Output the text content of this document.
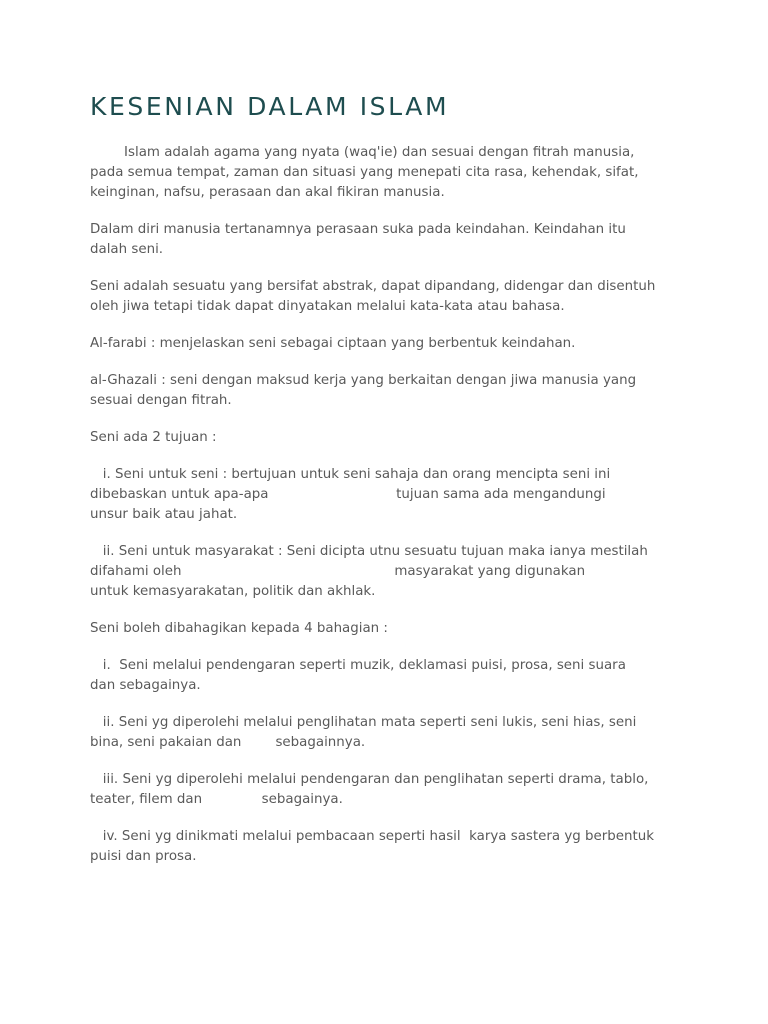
KESENIAN DALAM ISLAM

Islam adalah agama yang nyata (waq'ie) dan sesuai dengan fitrah manusia,
pada semua tempat, zaman dan situasi yang menepati cita rasa, kehendak, sifat,
keinginan, nafsu, perasaan dan akal fikiran manusia.

Dalam diri manusia tertanamnya perasaan suka pada keindahan. Keindahan itu
dalah seni.

Seni adalah sesuatu yang bersifat abstrak, dapat dipandang, didengar dan disentuh
oleh jiwa tetapi tidak dapat dinyatakan melalui kata-kata atau bahasa.

Al-farabi : menjelaskan seni sebagai ciptaan yang berbentuk keindahan.

al-Ghazali : seni dengan maksud kerja yang berkaitan dengan jiwa manusia yang
sesuai dengan fitrah.

Seni ada 2 tujuan :

i. Seni untuk seni : bertujuan untuk seni sahaja dan orang mencipta seni ini
dibebaskan untuk apa-apa                              tujuan sama ada mengandungi
unsur baik atau jahat.

ii. Seni untuk masyarakat : Seni dicipta utnu sesuatu tujuan maka ianya mestilah
difahami oleh                                                  masyarakat yang digunakan
untuk kemasyarakatan, politik dan akhlak.

Seni boleh dibahagikan kepada 4 bahagian :

i.  Seni melalui pendengaran seperti muzik, deklamasi puisi, prosa, seni suara
dan sebagainya.

ii. Seni yg diperolehi melalui penglihatan mata seperti seni lukis, seni hias, seni
bina, seni pakaian dan        sebagainnya.

iii. Seni yg diperolehi melalui pendengaran dan penglihatan seperti drama, tablo,
teater, filem dan              sebagainya.

iv. Seni yg dinikmati melalui pembacaan seperti hasil  karya sastera yg berbentuk
puisi dan prosa.
